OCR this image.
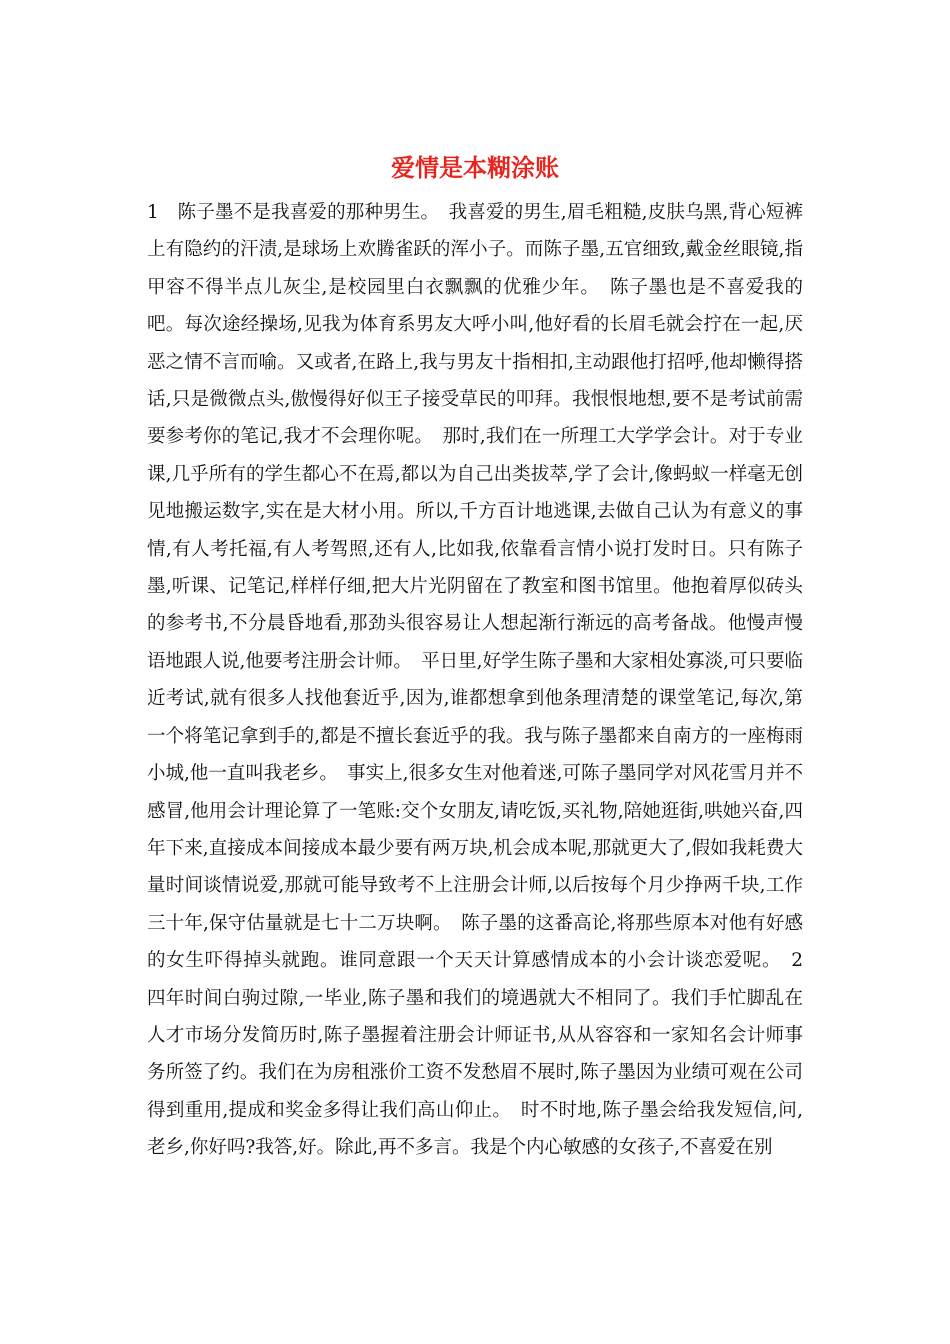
爱情是本糊涂账

1　陈子墨不是我喜爱的那种男生。　我喜爱的男生,眉毛粗糙,皮肤乌黑,背心短裤上有隐约的汗渍,是球场上欢腾雀跃的浑小子。而陈子墨,五官细致,戴金丝眼镜,指甲容不得半点儿灰尘,是校园里白衣飘飘的优雅少年。　陈子墨也是不喜爱我的吧。每次途经操场,见我为体育系男友大呼小叫,他好看的长眉毛就会拧在一起,厌恶之情不言而喻。又或者,在路上,我与男友十指相扣,主动跟他打招呼,他却懒得搭话,只是微微点头,傲慢得好似王子接受草民的叩拜。我恨恨地想,要不是考试前需要参考你的笔记,我才不会理你呢。　那时,我们在一所理工大学学会计。对于专业课,几乎所有的学生都心不在焉,都以为自己出类拔萃,学了会计,像蚂蚁一样毫无创见地搬运数字,实在是大材小用。所以,千方百计地逃课,去做自己认为有意义的事情,有人考托福,有人考驾照,还有人,比如我,依靠看言情小说打发时日。只有陈子墨,听课、记笔记,样样仔细,把大片光阴留在了教室和图书馆里。他抱着厚似砖头的参考书,不分晨昏地看,那劲头很容易让人想起渐行渐远的高考备战。他慢声慢语地跟人说,他要考注册会计师。　平日里,好学生陈子墨和大家相处寡淡,可只要临近考试,就有很多人找他套近乎,因为,谁都想拿到他条理清楚的课堂笔记,每次,第一个将笔记拿到手的,都是不擅长套近乎的我。我与陈子墨都来自南方的一座梅雨小城,他一直叫我老乡。　事实上,很多女生对他着迷,可陈子墨同学对风花雪月并不感冒,他用会计理论算了一笔账:交个女朋友,请吃饭,买礼物,陪她逛街,哄她兴奋,四年下来,直接成本间接成本最少要有两万块,机会成本呢,那就更大了,假如我耗费大量时间谈情说爱,那就可能导致考不上注册会计师,以后按每个月少挣两千块,工作三十年,保守估量就是七十二万块啊。　陈子墨的这番高论,将那些原本对他有好感的女生吓得掉头就跑。谁同意跟一个天天计算感情成本的小会计谈恋爱呢。　2　四年时间白驹过隙,一毕业,陈子墨和我们的境遇就大不相同了。我们手忙脚乱在人才市场分发简历时,陈子墨握着注册会计师证书,从从容容和一家知名会计师事务所签了约。我们在为房租涨价工资不发愁眉不展时,陈子墨因为业绩可观在公司得到重用,提成和奖金多得让我们高山仰止。　时不时地,陈子墨会给我发短信,问,老乡,你好吗?我答,好。除此,再不多言。我是个内心敏感的女孩子,不喜爱在别
